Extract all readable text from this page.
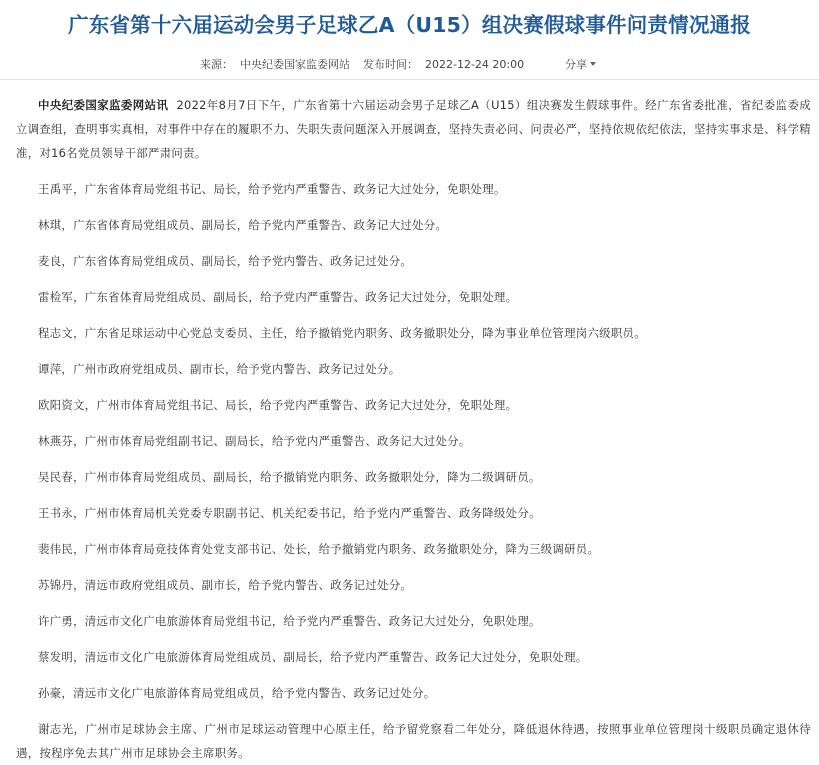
广东省第十六届运动会男子足球乙A（U15）组决赛假球事件问责情况通报
来源： 中央纪委国家监委网站 发布时间： 2022-12-24 20:00	分享

中央纪委国家监委网站讯 2022年8月7日下午，广东省第十六届运动会男子足球乙A（U15）组决赛发生假球事件。经广东省委批准，省纪委监委成立调查组，查明事实真相，对事件中存在的履职不力、失职失责问题深入开展调查，坚持失责必问、问责必严，坚持依规依纪依法，坚持实事求是、科学精准，对16名党员领导干部严肃问责。

王禹平，广东省体育局党组书记、局长，给予党内严重警告、政务记大过处分，免职处理。

林琪，广东省体育局党组成员、副局长，给予党内严重警告、政务记大过处分。

麦良，广东省体育局党组成员、副局长，给予党内警告、政务记过处分。

雷检军，广东省体育局党组成员、副局长，给予党内严重警告、政务记大过处分，免职处理。

程志文，广东省足球运动中心党总支委员、主任，给予撤销党内职务、政务撤职处分，降为事业单位管理岗六级职员。

谭萍，广州市政府党组成员、副市长，给予党内警告、政务记过处分。

欧阳资文，广州市体育局党组书记、局长，给予党内严重警告、政务记大过处分，免职处理。

林燕芬，广州市体育局党组副书记、副局长，给予党内严重警告、政务记大过处分。

吴民春，广州市体育局党组成员、副局长，给予撤销党内职务、政务撤职处分，降为二级调研员。

王书永，广州市体育局机关党委专职副书记、机关纪委书记，给予党内严重警告、政务降级处分。

裴伟民，广州市体育局竞技体育处党支部书记、处长，给予撤销党内职务、政务撤职处分，降为三级调研员。

苏锦丹，清远市政府党组成员、副市长，给予党内警告、政务记过处分。

许广勇，清远市文化广电旅游体育局党组书记，给予党内严重警告、政务记大过处分，免职处理。

蔡发明，清远市文化广电旅游体育局党组成员、副局长，给予党内严重警告、政务记大过处分，免职处理。

孙豪，清远市文化广电旅游体育局党组成员，给予党内警告、政务记过处分。

谢志光，广州市足球协会主席、广州市足球运动管理中心原主任，给予留党察看二年处分，降低退休待遇，按照事业单位管理岗十级职员确定退休待遇，按程序免去其广州市足球协会主席职务。
